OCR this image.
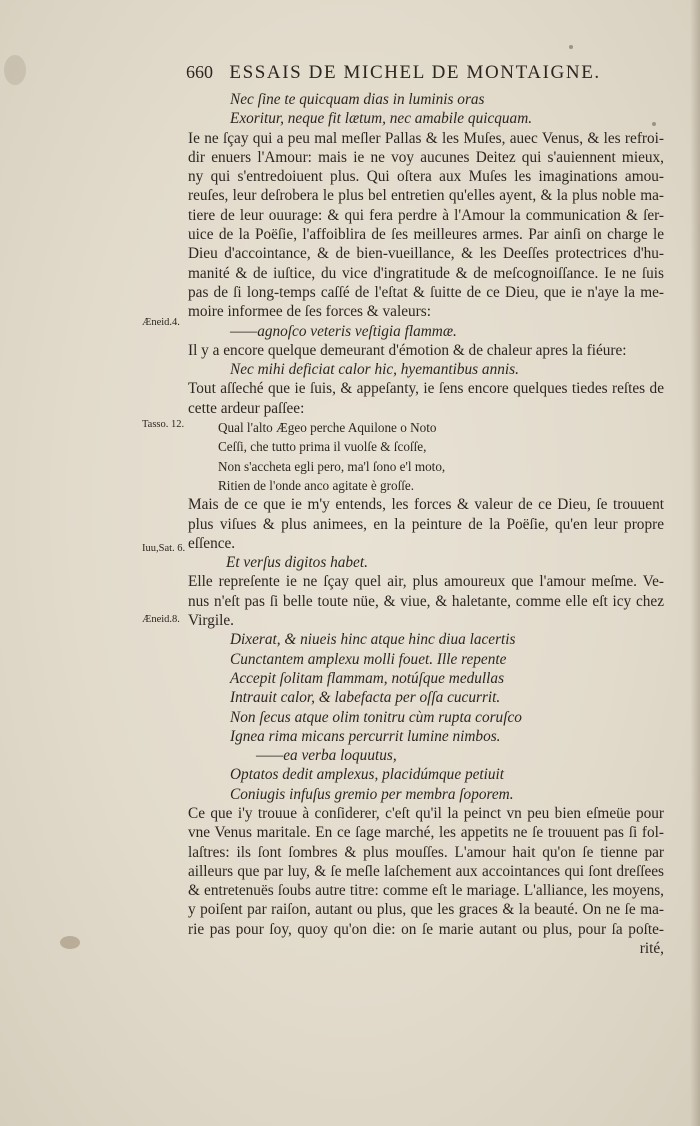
660 ESSAIS DE MICHEL DE MONTAIGNE.
Æneid.4.
Tasso. 12.
Iuu,Sat. 6.
Æneid.8.
Nec ſine te quicquam dias in luminis oras
Exoritur, neque fit lætum, nec amabile quicquam.
Ie ne ſçay qui a peu mal meſler Pallas & les Muſes, auec Venus, & les refroi-
dir enuers l'Amour: mais ie ne voy aucunes Deitez qui s'auiennent mieux,
ny qui s'entredoiuent plus. Qui oſtera aux Muſes les imaginations amou-
reuſes, leur deſrobera le plus bel entretien qu'elles ayent, & la plus noble ma-
tiere de leur ouurage: & qui fera perdre à l'Amour la communication & ſer-
uice de la Poëſie, l'affoiblira de ſes meilleures armes. Par ainſi on charge le
Dieu d'accointance, & de bien-vueillance, & les Deeſſes protectrices d'hu-
manité & de iuſtice, du vice d'ingratitude & de meſcognoiſſance. Ie ne ſuis
pas de ſi long-temps caſſé de l'eſtat & ſuitte de ce Dieu, que ie n'aye la me-
moire informee de ſes forces & valeurs:
——agnoſco veteris veſtigia flammæ.
Il y a encore quelque demeurant d'émotion & de chaleur apres la fiéure:
Nec mihi deficiat calor hic, hyemantibus annis.
Tout aſſeché que ie ſuis, & appeſanty, ie ſens encore quelques tiedes reſtes de
cette ardeur paſſee:
Qual l'alto Ægeo perche Aquilone o Noto
Ceſſi, che tutto prima il vuolſe & ſcoſſe,
Non s'accheta egli pero, ma'l ſono e'l moto,
Ritien de l'onde anco agitate è groſſe.
Mais de ce que ie m'y entends, les forces & valeur de ce Dieu, ſe trouuent
plus viſues & plus animees, en la peinture de la Poëſie, qu'en leur propre
eſſence.
Et verſus digitos habet.
Elle repreſente ie ne ſçay quel air, plus amoureux que l'amour meſme. Ve-
nus n'eſt pas ſi belle toute nüe, & viue, & haletante, comme elle eſt icy chez
Virgile.
Dixerat, & niueis hinc atque hinc diua lacertis
Cunctantem amplexu molli fouet. Ille repente
Accepit ſolitam flammam, notúſque medullas
Intrauit calor, & labefacta per oſſa cucurrit.
Non ſecus atque olim tonitru cùm rupta coruſco
Ignea rima micans percurrit lumine nimbos.
——ea verba loquutus,
Optatos dedit amplexus, placidúmque petiuit
Coniugis infuſus gremio per membra ſoporem.
Ce que i'y trouue à conſiderer, c'eſt qu'il la peinct vn peu bien eſmeüe pour
vne Venus maritale. En ce ſage marché, les appetits ne ſe trouuent pas ſi fol-
laſtres: ils ſont ſombres & plus mouſſes. L'amour hait qu'on ſe tienne par
ailleurs que par luy, & ſe meſle laſchement aux accointances qui ſont dreſſees
& entretenuës ſoubs autre titre: comme eſt le mariage. L'alliance, les moyens,
y poiſent par raiſon, autant ou plus, que les graces & la beauté. On ne ſe ma-
rie pas pour ſoy, quoy qu'on die: on ſe marie autant ou plus, pour ſa poſte-
rité,
